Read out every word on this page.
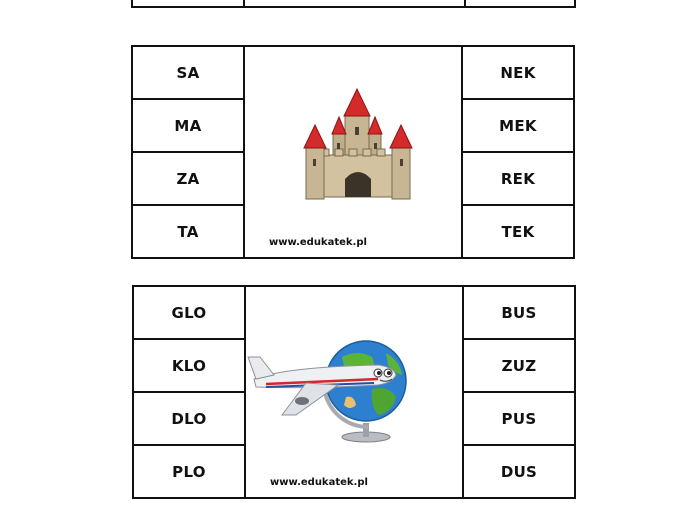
SA
MA
ZA
TA
www.edukatek.pl
NEK
MEK
REK
TEK
GLO
KLO
DLO
PLO
www.edukatek.pl
BUS
ZUZ
PUS
DUS
